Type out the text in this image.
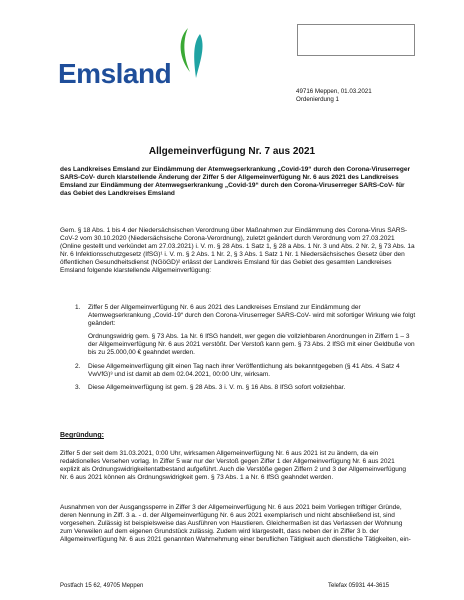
Emsland
49716 Meppen, 01.03.2021
Ordenierdung 1
Allgemeinverfügung Nr. 7 aus 2021
des Landkreises Emsland zur Eindämmung der Atemwegserkrankung „Covid-19“ durch den Corona-Viruserreger SARS-CoV- durch klarstellende Änderung der Ziffer 5 der Allgemeinverfügung Nr. 6 aus 2021 des Landkreises Emsland zur Eindämmung der Atemwegserkrankung „Covid-19“ durch den Corona-Viruserreger SARS-CoV- für das Gebiet des Landkreises Emsland
Gem. § 18 Abs. 1 bis 4 der Niedersächsischen Verordnung über Maßnahmen zur Eindämmung des Corona-Virus SARS-CoV-2 vom 30.10.2020 (Niedersächsische Corona-Verordnung), zuletzt geändert durch Verordnung vom 27.03.2021 (Online gestellt und verkündet am 27.03.2021) i. V. m. § 28 Abs. 1 Satz 1, § 28 a Abs. 1 Nr. 3 und Abs. 2 Nr. 2, § 73 Abs. 1a Nr. 6 Infektionsschutzgesetz (IfSG)¹ i. V. m. § 2 Abs. 1 Nr. 2, § 3 Abs. 1 Satz 1 Nr. 1 Niedersächsisches Gesetz über den öffentlichen Gesundheitsdienst (NGöGD)² erlässt der Landkreis Emsland für das Gebiet des gesamten Landkreises Emsland folgende klarstellende Allgemeinverfügung:
1. Ziffer 5 der Allgemeinverfügung Nr. 6 aus 2021 des Landkreises Emsland zur Eindämmung der Atemwegserkrankung „Covid-19“ durch den Corona-Viruserreger SARS-CoV- wird mit sofortiger Wirkung wie folgt geändert:
Ordnungswidrig gem. § 73 Abs. 1a Nr. 6 IfSG handelt, wer gegen die vollziehbaren Anordnungen in Ziffern 1 – 3 der Allgemeinverfügung Nr. 6 aus 2021 verstößt. Der Verstoß kann gem. § 73 Abs. 2 IfSG mit einer Geldbuße von bis zu 25.000,00 € geahndet werden.
2. Diese Allgemeinverfügung gilt einen Tag nach ihrer Veröffentlichung als bekanntgegeben (§ 41 Abs. 4 Satz 4 VwVfG)³ und ist damit ab dem 02.04.2021, 00:00 Uhr, wirksam.
3. Diese Allgemeinverfügung ist gem. § 28 Abs. 3 i. V. m. § 16 Abs. 8 IfSG sofort vollziehbar.
Begründung:
Ziffer 5 der seit dem 31.03.2021, 0:00 Uhr, wirksamen Allgemeinverfügung Nr. 6 aus 2021 ist zu ändern, da ein redaktionelles Versehen vorlag. In Ziffer 5 war nur der Verstoß gegen Ziffer 1 der Allgemeinverfügung Nr. 6 aus 2021 explizit als Ordnungswidrigkeitentatbestand aufgeführt. Auch die Verstöße gegen Ziffern 2 und 3 der Allgemeinverfügung Nr. 6 aus 2021 können als Ordnungswidrigkeit gem. § 73 Abs. 1 a Nr. 6 IfSG geahndet werden.
Ausnahmen von der Ausgangssperre in Ziffer 3 der Allgemeinverfügung Nr. 6 aus 2021 beim Vorliegen triftiger Gründe, deren Nennung in Ziff. 3 a. - d. der Allgemeinverfügung Nr. 6 aus 2021 exemplarisch und nicht abschließend ist, sind vorgesehen. Zulässig ist beispielsweise das Ausführen von Haustieren. Gleichermaßen ist das Verlassen der Wohnung zum Verweilen auf dem eigenen Grundstück zulässig. Zudem wird klargestellt, dass neben der in Ziffer 3 b. der Allgemeinverfügung Nr. 6 aus 2021 genannten Wahrnehmung einer beruflichen Tätigkeit auch dienstliche Tätigkeiten, ein-
Postfach 15 62, 49705 Meppen	Telefax 05931 44-3615
